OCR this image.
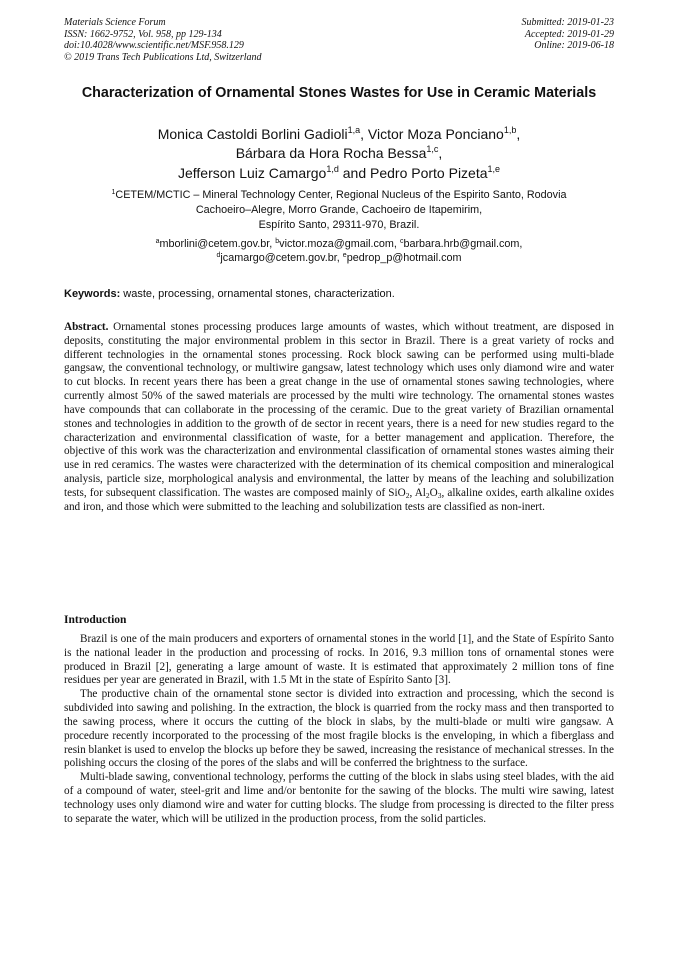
Materials Science Forum
ISSN: 1662-9752, Vol. 958, pp 129-134
doi:10.4028/www.scientific.net/MSF.958.129
© 2019 Trans Tech Publications Ltd, Switzerland
Submitted: 2019-01-23
Accepted: 2019-01-29
Online: 2019-06-18
Characterization of Ornamental Stones Wastes for Use in Ceramic Materials
Monica Castoldi Borlini Gadioli$^{1,a}$, Victor Moza Ponciano$^{1,b}$,
Bárbara da Hora Rocha Bessa$^{1,c}$,
Jefferson Luiz Camargo$^{1,d}$ and Pedro Porto Pizeta$^{1,e}$
$^1$CETEM/MCTIC – Mineral Technology Center, Regional Nucleus of the Espirito Santo, Rodovia
Cachoeiro–Alegre, Morro Grande, Cachoeiro de Itapemirim,
Espírito Santo, 29311-970, Brazil.
$^a$mborlini@cetem.gov.br, $^b$victor.moza@gmail.com, $^c$barbara.hrb@gmail.com,
$^d$jcamargo@cetem.gov.br, $^e$pedrop_p@hotmail.com
Keywords: waste, processing, ornamental stones, characterization.

Abstract. Ornamental stones processing produces large amounts of wastes, which without treatment, are disposed in deposits, constituting the major environmental problem in this sector in Brazil. There is a great variety of rocks and different technologies in the ornamental stones processing. Rock block sawing can be performed using multi-blade gangsaw, the conventional technology, or multiwire gangsaw, latest technology which uses only diamond wire and water to cut blocks. In recent years there has been a great change in the use of ornamental stones sawing technologies, where currently almost 50% of the sawed materials are processed by the multi wire technology. The ornamental stones wastes have compounds that can collaborate in the processing of the ceramic. Due to the great variety of Brazilian ornamental stones and technologies in addition to the growth of de sector in recent years, there is a need for new studies regard to the characterization and environmental classification of waste, for a better management and application. Therefore, the objective of this work was the characterization and environmental classification of ornamental stones wastes aiming their use in red ceramics. The wastes were characterized with the determination of its chemical composition and mineralogical analysis, particle size, morphological analysis and environmental, the latter by means of the leaching and solubilization tests, for subsequent classification. The wastes are composed mainly of SiO$_2$, $Al_2O_3$, alkaline oxides, earth alkaline oxides and iron, and those which were submitted to the leaching and solubilization tests are classified as non-inert.

Introduction

Brazil is one of the main producers and exporters of ornamental stones in the world [1], and the State of Espírito Santo is the national leader in the production and processing of rocks. In 2016, 9.3 million tons of ornamental stones were produced in Brazil [2], generating a large amount of waste. It is estimated that approximately 2 million tons of fine residues per year are generated in Brazil, with 1.5 Mt in the state of Espírito Santo [3].

The productive chain of the ornamental stone sector is divided into extraction and processing, which the second is subdivided into sawing and polishing. In the extraction, the block is quarried from the rocky mass and then transported to the sawing process, where it occurs the cutting of the block in slabs, by the multi-blade or multi wire gangsaw. A procedure recently incorporated to the processing of the most fragile blocks is the enveloping, in which a fiberglass and resin blanket is used to envelop the blocks up before they be sawed, increasing the resistance of mechanical stresses. In the polishing occurs the closing of the pores of the slabs and will be conferred the brightness to the surface.

Multi-blade sawing, conventional technology, performs the cutting of the block in slabs using steel blades, with the aid of a compound of water, steel-grit and lime and/or bentonite for the sawing of the blocks. The multi wire sawing, latest technology uses only diamond wire and water for cutting blocks. The sludge from processing is directed to the filter press to separate the water, which will be utilized in the production process, from the solid particles.
